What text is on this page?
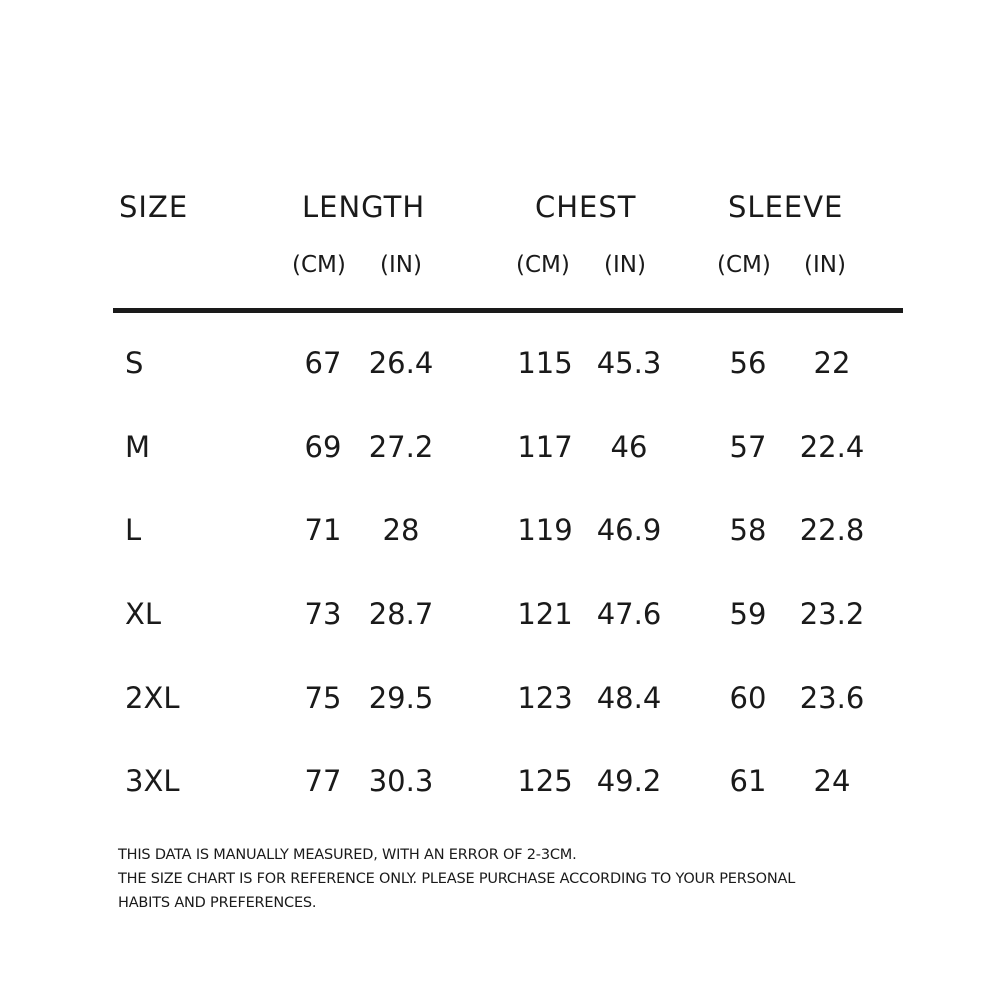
SIZE	LENGTH	CHEST	SLEEVE
(CM) (IN)	(CM) (IN)	(CM) (IN)
S	67 26.4	115 45.3	56	22
M	69 27.2	117	46	57	22.4
L	71	28	119 46.9	58	22.8
XL	73 28.7	121 47.6	59	23.2
2XL	75 29.5	123 48.4	60	23.6
3XL	77 30.3	125 49.2	61	24
THIS DATA IS MANUALLY MEASURED, WITH AN ERROR OF 2-3CM.
THE SIZE CHART IS FOR REFERENCE ONLY. PLEASE PURCHASE ACCORDING TO YOUR PERSONAL
HABITS AND PREFERENCES.
